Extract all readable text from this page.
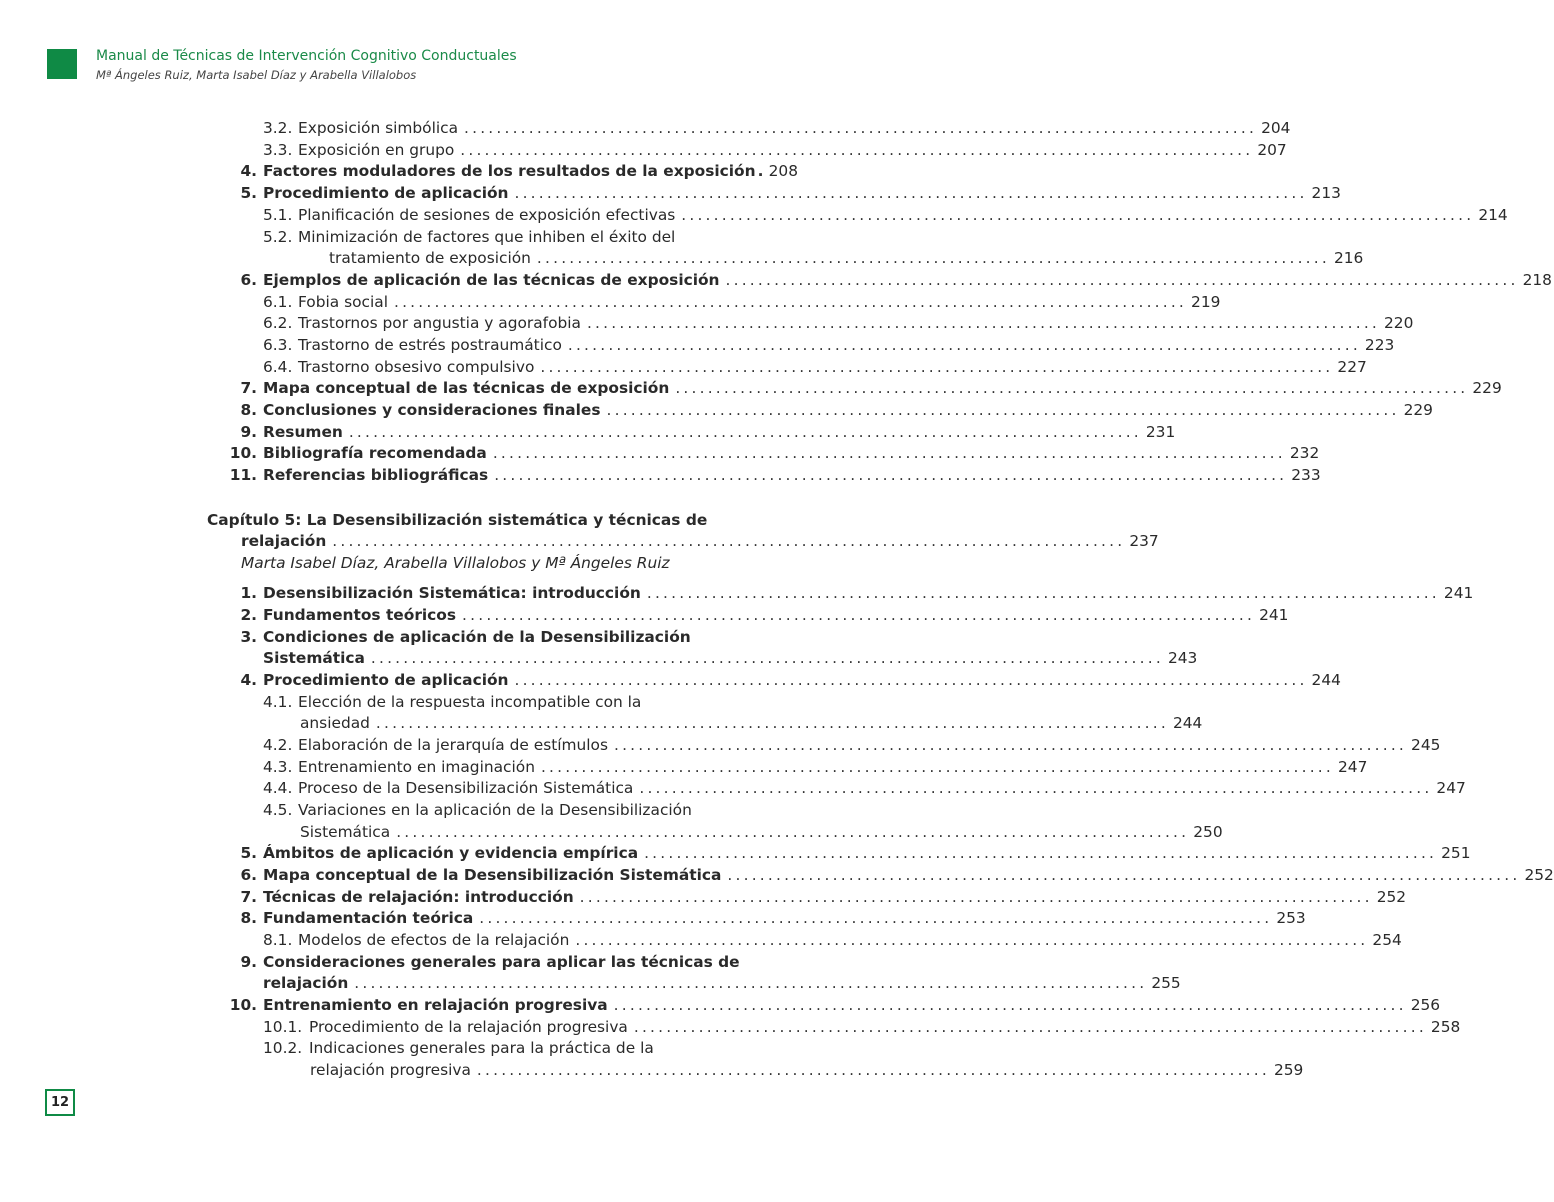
Manual de Técnicas de Intervención Cognitivo Conductuales
Mª Ángeles Ruiz, Marta Isabel Díaz y Arabella Villalobos
3.2. Exposición simbólica .................................................................................................. 204
3.3. Exposición en grupo .................................................................................................. 207
4. Factores moduladores de los resultados de la exposición . 208
5. Procedimiento de aplicación .................................................................................................. 213
5.1. Planificación de sesiones de exposición efectivas .................................................................................................. 214
5.2. Minimización de factores que inhiben el éxito del
tratamiento de exposición .................................................................................................. 216
6. Ejemplos de aplicación de las técnicas de exposición .................................................................................................. 218
6.1. Fobia social .................................................................................................. 219
6.2. Trastornos por angustia y agorafobia .................................................................................................. 220
6.3. Trastorno de estrés postraumático .................................................................................................. 223
6.4. Trastorno obsesivo compulsivo .................................................................................................. 227
7. Mapa conceptual de las técnicas de exposición .................................................................................................. 229
8. Conclusiones y consideraciones finales .................................................................................................. 229
9. Resumen .................................................................................................. 231
10. Bibliografía recomendada .................................................................................................. 232
11. Referencias bibliográficas .................................................................................................. 233
Capítulo 5: La Desensibilización sistemática y técnicas de
relajación .................................................................................................. 237
Marta Isabel Díaz, Arabella Villalobos y Mª Ángeles Ruiz
1. Desensibilización Sistemática: introducción .................................................................................................. 241
2. Fundamentos teóricos .................................................................................................. 241
3. Condiciones de aplicación de la Desensibilización
Sistemática .................................................................................................. 243
4. Procedimiento de aplicación .................................................................................................. 244
4.1. Elección de la respuesta incompatible con la
ansiedad .................................................................................................. 244
4.2. Elaboración de la jerarquía de estímulos .................................................................................................. 245
4.3. Entrenamiento en imaginación .................................................................................................. 247
4.4. Proceso de la Desensibilización Sistemática .................................................................................................. 247
4.5. Variaciones en la aplicación de la Desensibilización
Sistemática .................................................................................................. 250
5. Ámbitos de aplicación y evidencia empírica .................................................................................................. 251
6. Mapa conceptual de la Desensibilización Sistemática .................................................................................................. 252
7. Técnicas de relajación: introducción .................................................................................................. 252
8. Fundamentación teórica .................................................................................................. 253
8.1. Modelos de efectos de la relajación .................................................................................................. 254
9. Consideraciones generales para aplicar las técnicas de
relajación .................................................................................................. 255
10. Entrenamiento en relajación progresiva .................................................................................................. 256
10.1. Procedimiento de la relajación progresiva .................................................................................................. 258
10.2. Indicaciones generales para la práctica de la
relajación progresiva .................................................................................................. 259
12
